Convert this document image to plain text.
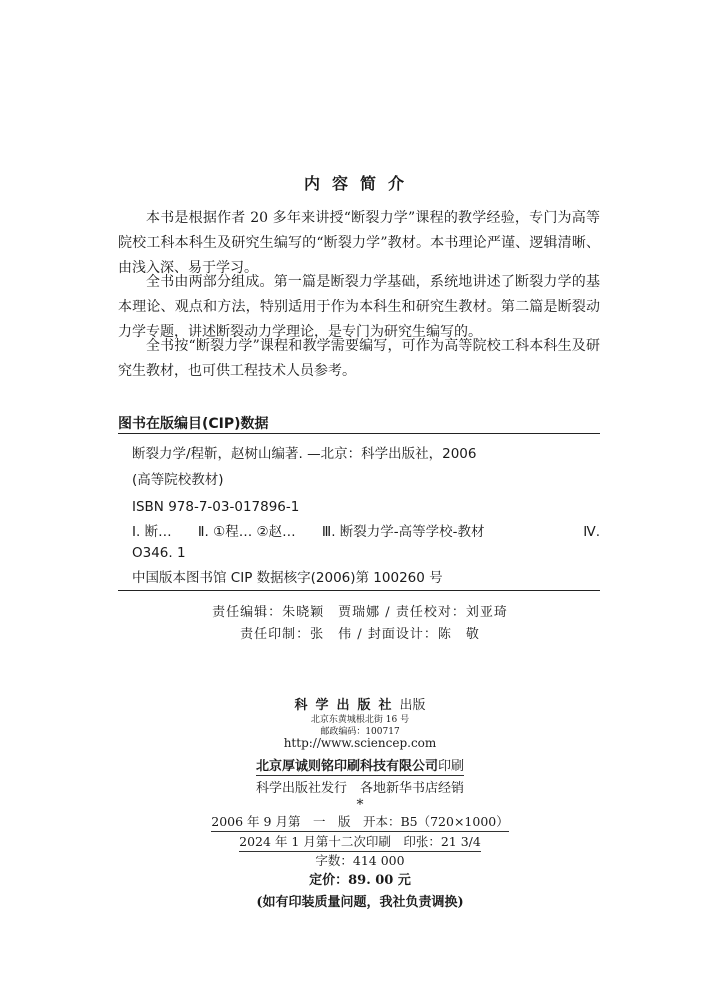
内容简介

本书是根据作者 20 多年来讲授“断裂力学”课程的教学经验，专门为高等院校工科本科生及研究生编写的“断裂力学”教材。本书理论严谨、逻辑清晰、由浅入深、易于学习。

全书由两部分组成。第一篇是断裂力学基础，系统地讲述了断裂力学的基本理论、观点和方法，特别适用于作为本科生和研究生教材。第二篇是断裂动力学专题，讲述断裂动力学理论，是专门为研究生编写的。

全书按“断裂力学”课程和教学需要编写，可作为高等院校工科本科生及研究生教材，也可供工程技术人员参考。

图书在版编目(CIP)数据
断裂力学/程靳，赵树山编著. —北京：科学出版社，2006
(高等院校教材)
ISBN 978-7-03-017896-1
Ⅰ. 断… Ⅱ. ①程… ②赵… Ⅲ. 断裂力学-高等学校-教材	Ⅳ.
O346. 1
中国版本图书馆 CIP 数据核字(2006)第 100260 号
责任编辑：朱晓颖　贾瑞娜 / 责任校对：刘亚琦
责任印制：张　伟 / 封面设计：陈　敬
科学出版社出版
北京东黄城根北街 16 号
邮政编码：100717
http://www.sciencep.com
北京厚诚则铭印刷科技有限公司印刷
科学出版社发行　各地新华书店经销
*
2006 年 9 月第　一　版　开本：B5（720×1000）
2024 年 1 月第十二次印刷　印张：21 3/4
字数：414 000
定价：89. 00 元
(如有印装质量问题，我社负责调换)
